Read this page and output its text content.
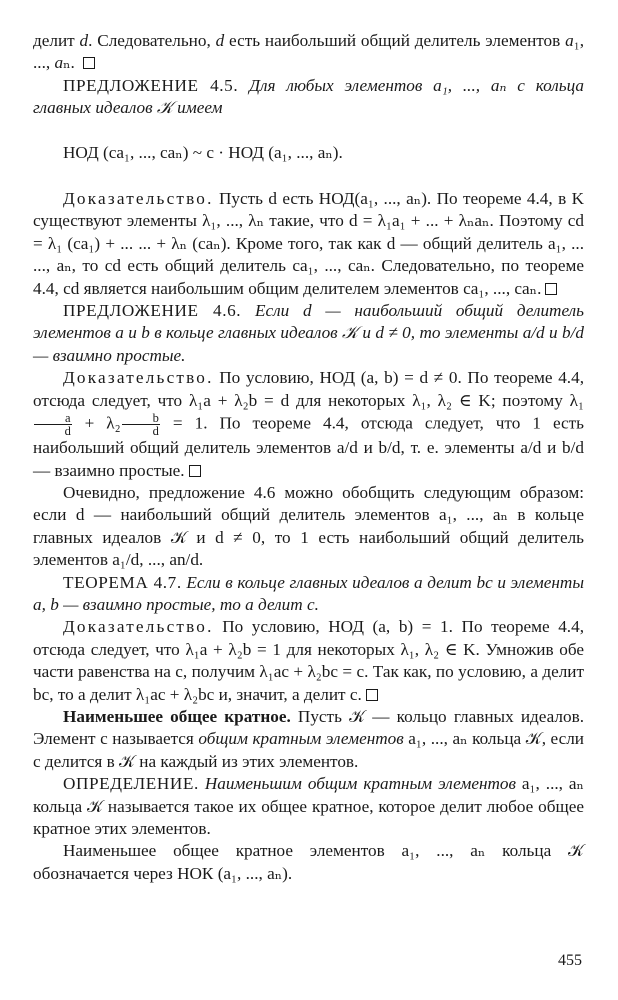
делит d. Следовательно, d есть наибольший общий делитель элементов a₁, ..., aₙ.

ПРЕДЛОЖЕНИЕ 4.5. Для любых элементов a₁, ..., aₙ с кольца главных идеалов 𝒦 имеем

НОД (ca₁, ..., caₙ) ~ c · НОД (a₁, ..., aₙ).

Доказательство. Пусть d есть НОД(a₁, ..., aₙ). По теореме 4.4, в K существуют элементы λ₁, ..., λₙ такие, что d = λ₁a₁ + ... + λₙaₙ. Поэтому cd = λ₁ (ca₁) + ... ... + λₙ (caₙ). Кроме того, так как d — общий делитель a₁, ... ..., aₙ, то cd есть общий делитель ca₁, ..., caₙ. Следовательно, по теореме 4.4, cd является наибольшим общим делителем элементов ca₁, ..., caₙ.

ПРЕДЛОЖЕНИЕ 4.6. Если d — наибольший общий делитель элементов a и b в кольце главных идеалов 𝒦 и d ≠ 0, то элементы a/d и b/d — взаимно простые.

Доказательство. По условию, НОД (a, b) = d ≠ 0. По теореме 4.4, отсюда следует, что λ₁a + λ₂b = d для некоторых λ₁, λ₂ ∈ K; поэтому λ₁
$\frac{a}{d} + \lambda_2 \frac{b}{d} = 1$. По теореме 4.4, отсюда следует, что 1 есть наибольший общий делитель элементов a/d и b/d, т. е. элементы a/d и b/d — взаимно простые.

Очевидно, предложение 4.6 можно обобщить следующим образом: если d — наибольший общий делитель элементов a₁, ..., aₙ в кольце главных идеалов 𝒦 и d ≠ 0, то 1 есть наибольший общий делитель элементов a₁/d, ..., an/d.

ТЕОРЕМА 4.7. Если в кольце главных идеалов a делит bc и элементы a, b — взаимно простые, то a делит c.

Доказательство. По условию, НОД (a, b) = 1. По теореме 4.4, отсюда следует, что λ₁a + λ₂b = 1 для некоторых λ₁, λ₂ ∈ K. Умножив обе части равенства на c, получим λ₁ac + λ₂bc = c. Так как, по условию, a делит bc, то a делит λ₁ac + λ₂bc и, значит, a делит c.

Наименьшее общее кратное. Пусть 𝒦 — кольцо главных идеалов. Элемент c называется общим кратным элементов a₁, ..., aₙ кольца 𝒦, если c делится в 𝒦 на каждый из этих элементов.

ОПРЕДЕЛЕНИЕ. Наименьшим общим кратным элементов a₁, ..., aₙ кольца 𝒦 называется такое их общее кратное, которое делит любое общее кратное этих элементов.

Наименьшее общее кратное элементов a₁, ..., aₙ кольца 𝒦 обозначается через НОК (a₁, ..., aₙ).

455
